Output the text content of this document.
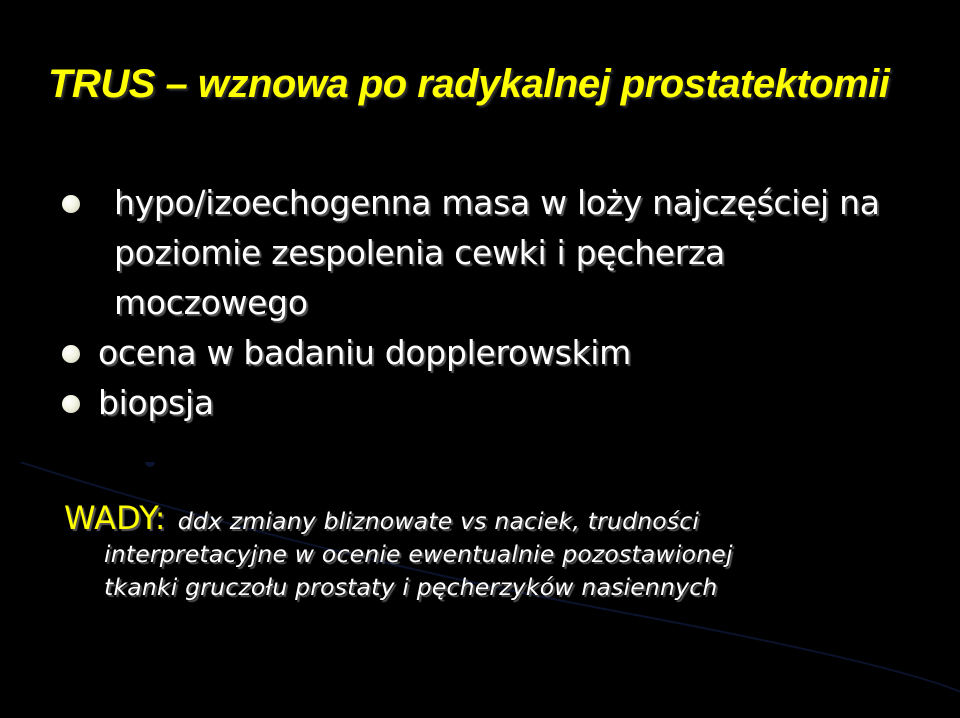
TRUS – wznowa po radykalnej prostatektomii
hypo/izoechogenna masa w loży najczęściej na poziomie zespolenia cewki i pęcherza moczowego
ocena w badaniu dopplerowskim
biopsja

WADY: ddx zmiany bliznowate vs naciek, trudności
interpretacyjne w ocenie ewentualnie pozostawionej
tkanki gruczołu prostaty i pęcherzyków nasiennych
